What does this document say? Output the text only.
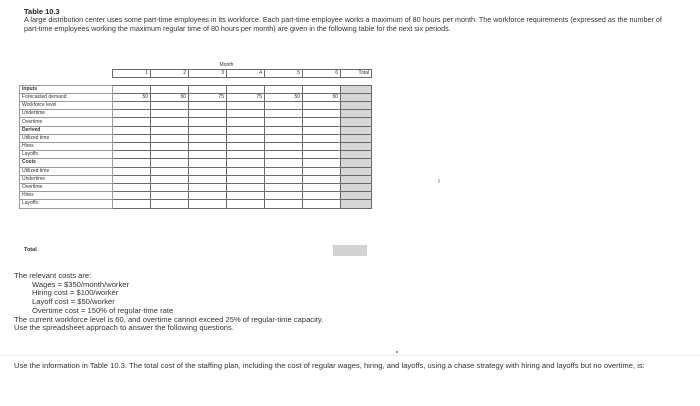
Table 10.3
A large distribution center uses some part-time employees in its workforce. Each part-time employee works a maximum of 80 hours per month. The workforce requirements (expressed as the number of part-time employees working the maximum regular time of 80 hours per month) are given in the following table for the next six periods.
	Month						
	1	2	3	4	5	6	Total

Inputs							
Forecasted demand	50	50	75	75	50	50	
Workforce level							
Undertime							
Overtime							
Derived							
Utilized time							
Hires							
Layoffs							
Costs							
Utilized time							
Undertime							
Overtime							
Hires							
Layoffs							
ı
Total
The relevant costs are:
Wages = $350/month/worker
Hiring cost = $100/worker
Layoff cost = $50/worker
Overtime cost = 150% of regular-time rate
The current workforce level is 60, and overtime cannot exceed 25% of regular-time capacity.
Use the spreadsheet approach to answer the following questions.
Use the information in Table 10.3. The total cost of the staffing plan, including the cost of regular wages, hiring, and layoffs, using a chase strategy with hiring and layoffs but no overtime, is:
